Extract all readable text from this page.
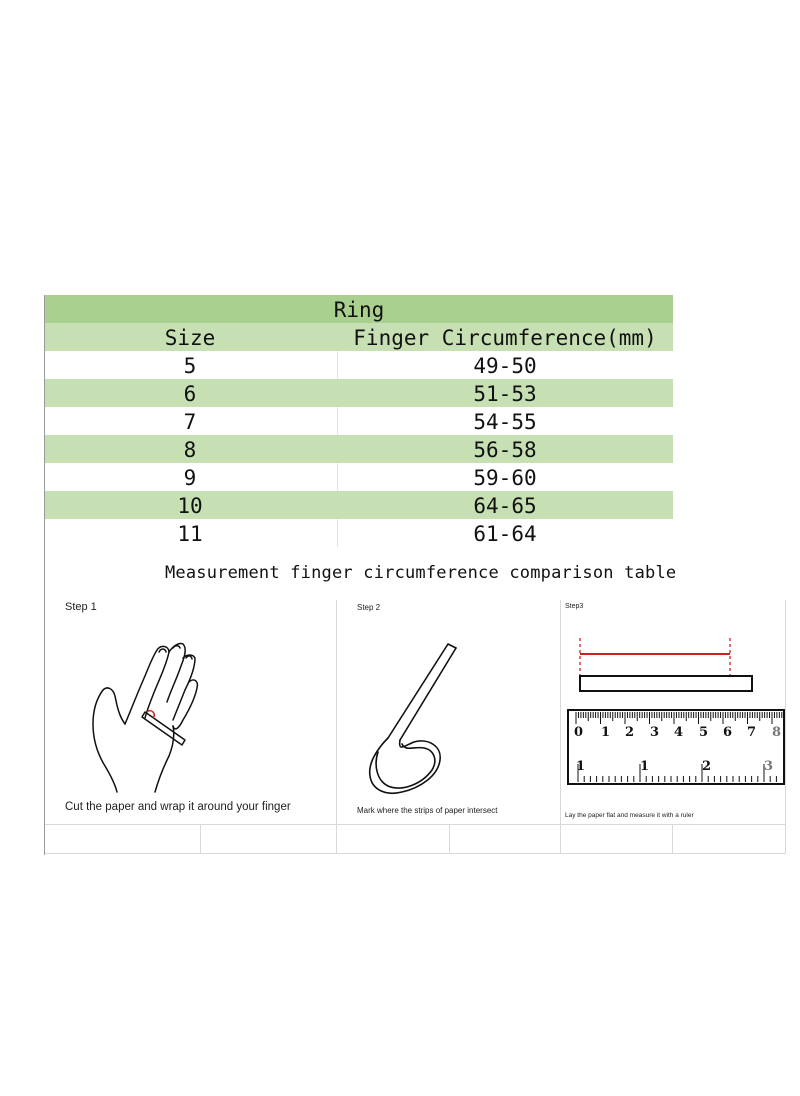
Ring
Size	Finger Circumference(mm)
5	49-50
6	51-53
7	54-55
8	56-58
9	59-60
10	64-65
11	61-64
Measurement finger circumference comparison table
Step 1
Cut the paper and wrap it around your finger
Step 2
Mark where the strips of paper intersect
Step3
0 1 2 3 4 5 6 7 8
1	1	2	3
Lay the paper flat and measure it with a ruler
